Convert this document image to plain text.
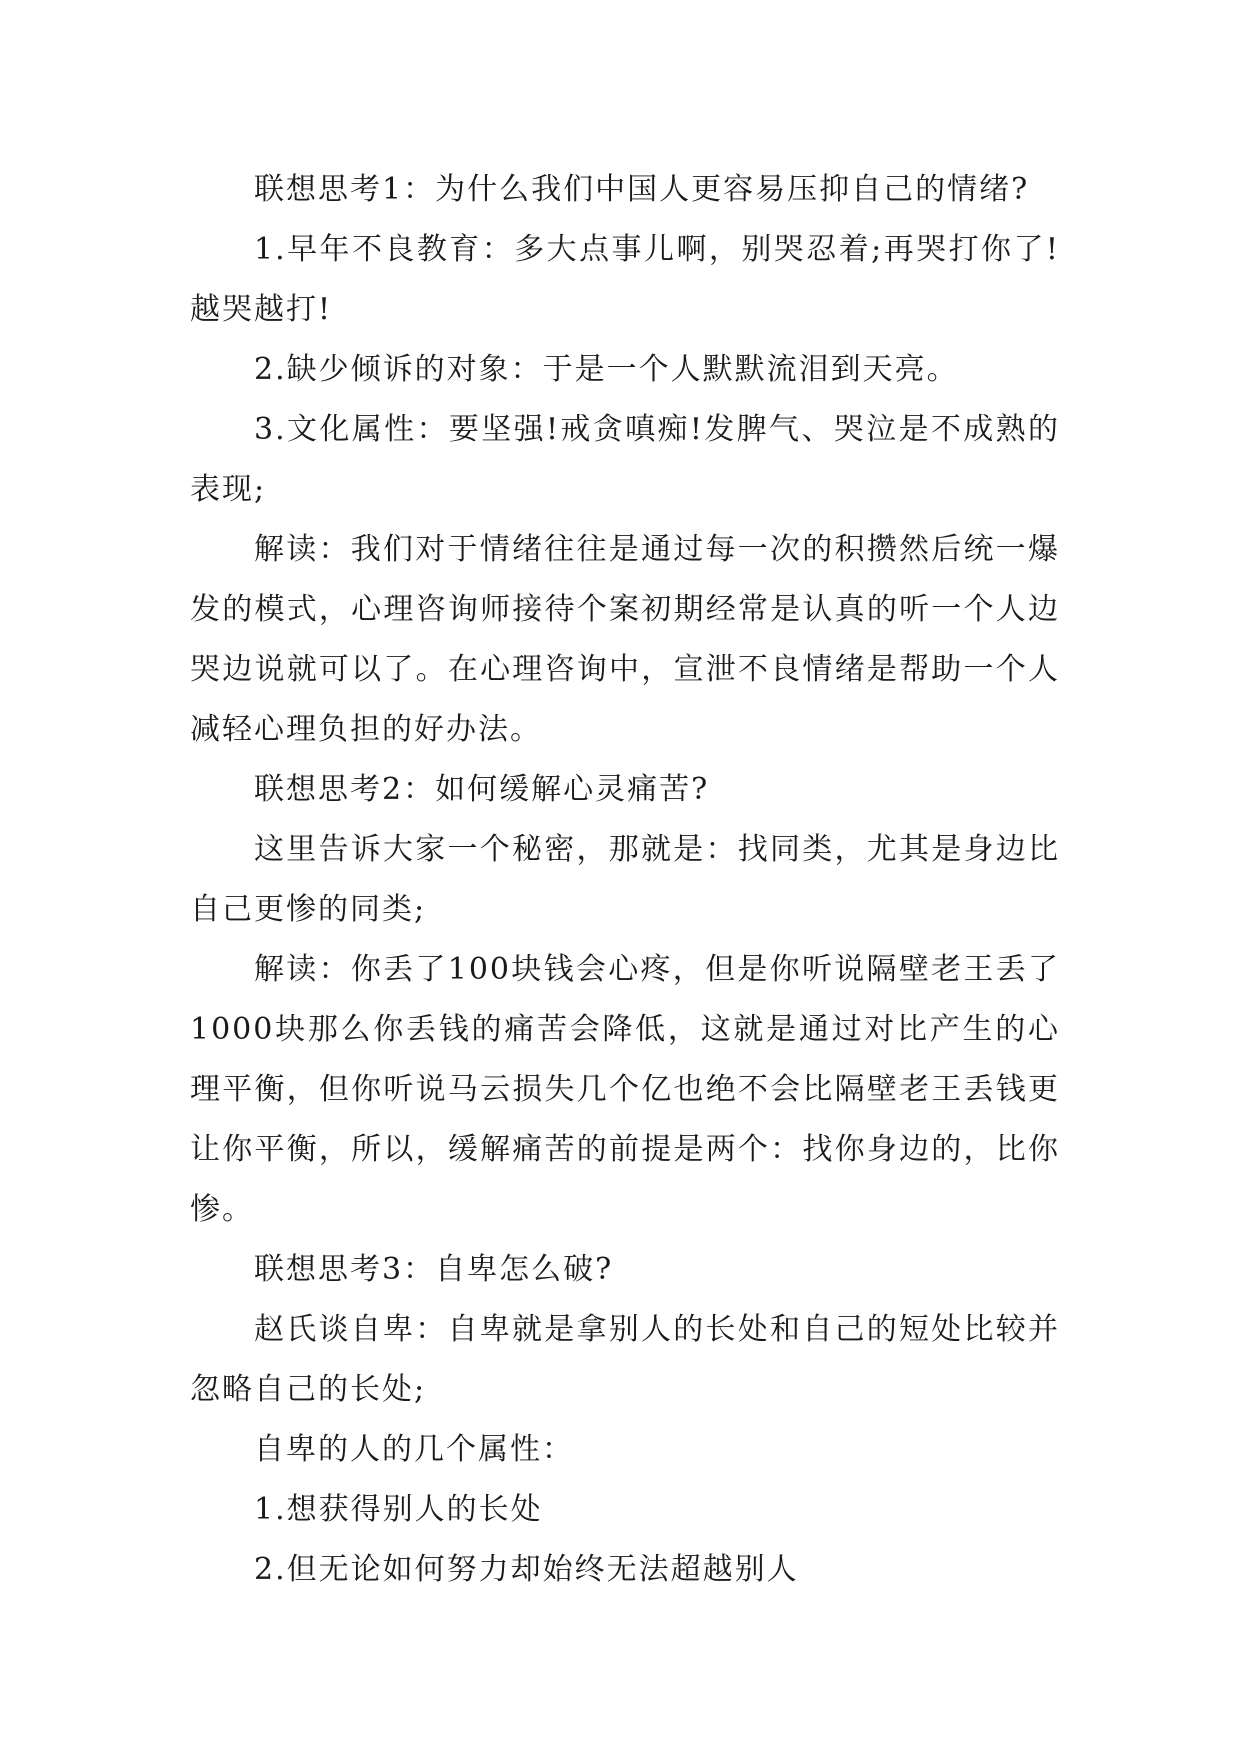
联想思考1：为什么我们中国人更容易压抑自己的情绪?

1.早年不良教育：多大点事儿啊，别哭忍着;再哭打你了!越哭越打!

2.缺少倾诉的对象：于是一个人默默流泪到天亮。

3.文化属性：要坚强!戒贪嗔痴!发脾气、哭泣是不成熟的表现;

解读：我们对于情绪往往是通过每一次的积攒然后统一爆发的模式，心理咨询师接待个案初期经常是认真的听一个人边哭边说就可以了。在心理咨询中，宣泄不良情绪是帮助一个人减轻心理负担的好办法。

联想思考2：如何缓解心灵痛苦?

这里告诉大家一个秘密，那就是：找同类，尤其是身边比自己更惨的同类;

解读：你丢了100块钱会心疼，但是你听说隔壁老王丢了1000块那么你丢钱的痛苦会降低，这就是通过对比产生的心理平衡，但你听说马云损失几个亿也绝不会比隔壁老王丢钱更让你平衡，所以，缓解痛苦的前提是两个：找你身边的，比你惨。

联想思考3：自卑怎么破?

赵氏谈自卑：自卑就是拿别人的长处和自己的短处比较并忽略自己的长处;

自卑的人的几个属性：

1.想获得别人的长处

2.但无论如何努力却始终无法超越别人
